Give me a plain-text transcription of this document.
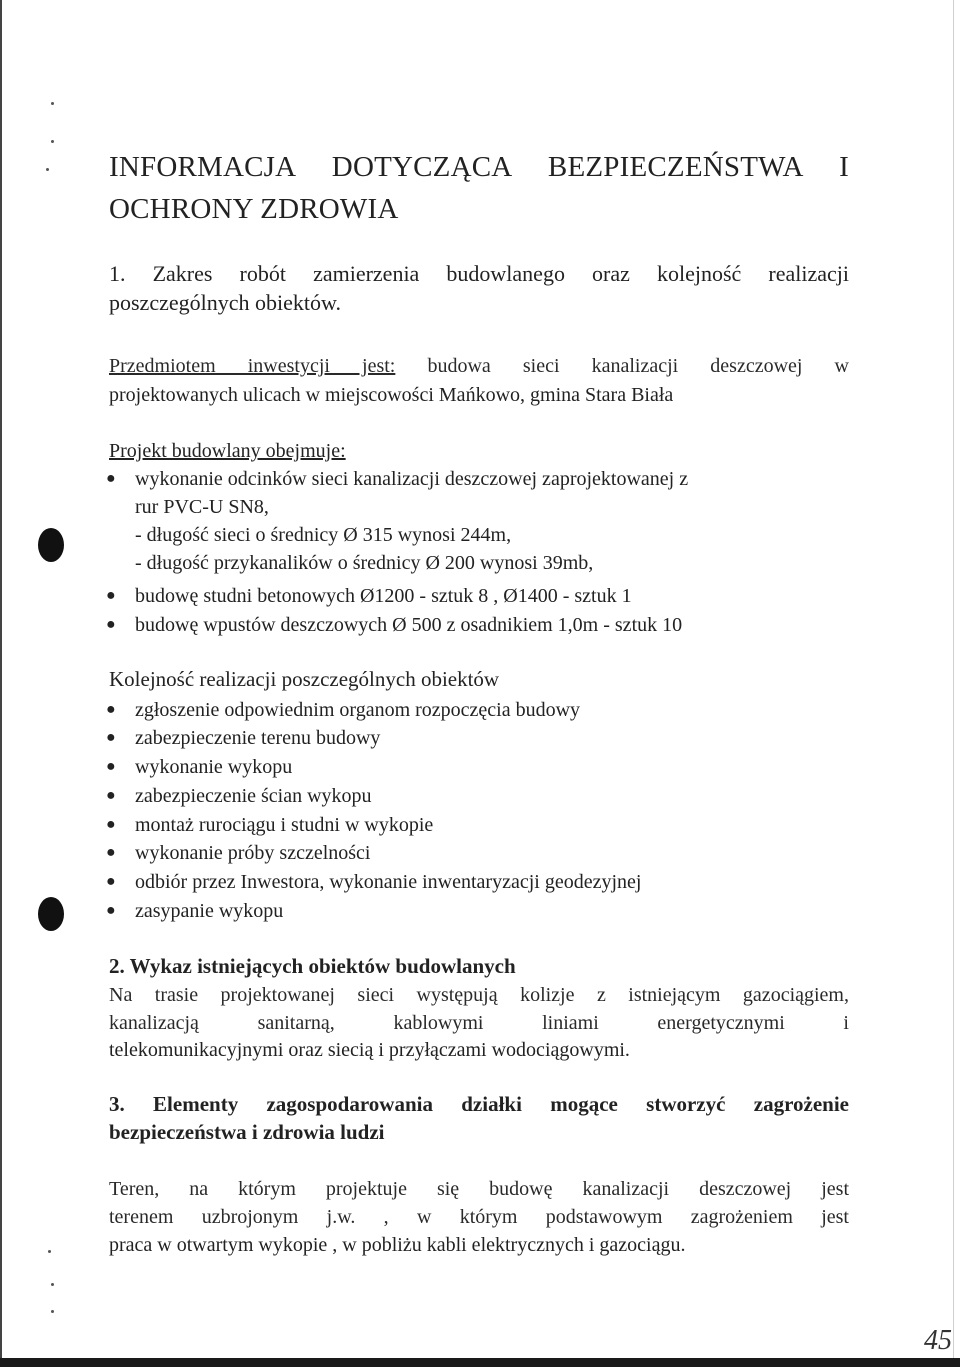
45
INFORMACJA DOTYCZĄCA BEZPIECZEŃSTWA I
OCHRONY ZDROWIA
1. Zakres robót zamierzenia budowlanego oraz kolejność realizacji
poszczególnych obiektów.
Przedmiotem inwestycji jest: budowa sieci kanalizacji deszczowej w
projektowanych ulicach w miejscowości Mańkowo, gmina Stara Biała
Projekt budowlany obejmuje:
● wykonanie odcinków sieci kanalizacji deszczowej zaprojektowanej z
rur PVC-U SN8,
- długość sieci o średnicy Ø 315 wynosi 244m,
- długość przykanalików o średnicy Ø 200 wynosi 39mb,
● budowę studni betonowych Ø1200 - sztuk 8 , Ø1400 - sztuk 1
● budowę wpustów deszczowych Ø 500 z osadnikiem 1,0m - sztuk 10
Kolejność realizacji poszczególnych obiektów
● zgłoszenie odpowiednim organom rozpoczęcia budowy
● zabezpieczenie terenu budowy
● wykonanie wykopu
● zabezpieczenie ścian wykopu
● montaż rurociągu i studni w wykopie
● wykonanie próby szczelności
● odbiór przez Inwestora, wykonanie inwentaryzacji geodezyjnej
● zasypanie wykopu
2. Wykaz istniejących obiektów budowlanych
Na trasie projektowanej sieci występują kolizje z istniejącym gazociągiem,
kanalizacją sanitarną, kablowymi liniami energetycznymi i
telekomunikacyjnymi oraz siecią i przyłączami wodociągowymi.
3. Elementy zagospodarowania działki mogące stworzyć zagrożenie
bezpieczeństwa i zdrowia ludzi
Teren, na którym projektuje się budowę kanalizacji deszczowej jest
terenem uzbrojonym j.w. , w którym podstawowym zagrożeniem jest
praca w otwartym wykopie , w pobliżu kabli elektrycznych i gazociągu.
